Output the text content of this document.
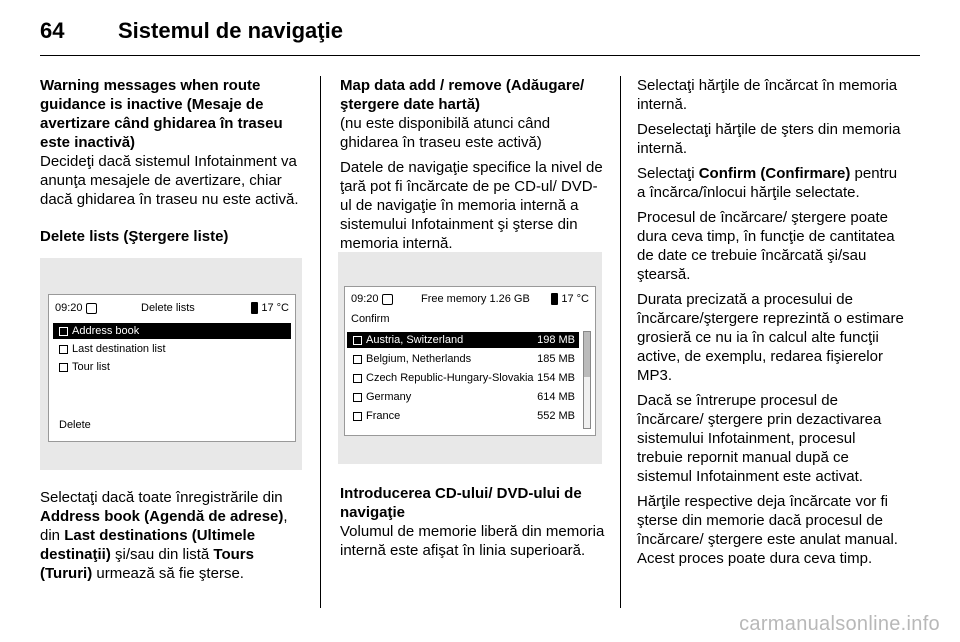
64 Sistemul de navigaţie

Warning messages when route guidance is inactive (Mesaje de avertizare când ghidarea în traseu este inactivă)

Decideţi dacă sistemul Infotainment va anunţa mesajele de avertizare, chiar dacă ghidarea în traseu nu este activă.

Delete lists (Ştergere liste)

09:20	Delete lists	17 °C
Address book
Last destination list
Tour list
Delete

Selectaţi dacă toate înregistrările din Address book (Agendă de adrese), din Last destinations (Ultimele destinaţii) şi/sau din listă Tours (Tururi) urmează să fie şterse.

Map data add / remove (Adăugare/ ştergere date hartă)

(nu este disponibilă atunci când ghidarea în traseu este activă)

Datele de navigaţie specifice la nivel de ţară pot fi încărcate de pe CD-ul/ DVD-ul de navigaţie în memoria internă a sistemului Infotainment şi şterse din memoria internă.

09:20	Free memory 1.26 GB	17 °C
Confirm
Austria, Switzerland	198 MB
Belgium, Netherlands	185 MB
Czech Republic-Hungary-Slovakia 154 MB
Germany	614 MB
France	552 MB

Introducerea CD-ului/ DVD-ului de navigaţie

Volumul de memorie liberă din memoria internă este afişat în linia superioară.

Selectaţi hărţile de încărcat în memoria internă.

Deselectaţi hărţile de şters din memoria internă.

Selectaţi Confirm (Confirmare) pentru a încărca/înlocui hărţile selectate.

Procesul de încărcare/ ştergere poate dura ceva timp, în funcţie de cantitatea de date ce trebuie încărcată şi/sau ştearsă.

Durata precizată a procesului de încărcare/ştergere reprezintă o estimare grosieră ce nu ia în calcul alte funcţii active, de exemplu, redarea fişierelor MP3.

Dacă se întrerupe procesul de încărcare/ ştergere prin dezactivarea sistemului Infotainment, procesul trebuie repornit manual după ce sistemul Infotainment este activat.

Hărţile respective deja încărcate vor fi şterse din memorie dacă procesul de încărcare/ ştergere este anulat manual. Acest proces poate dura ceva timp.

carmanualsonline.info
